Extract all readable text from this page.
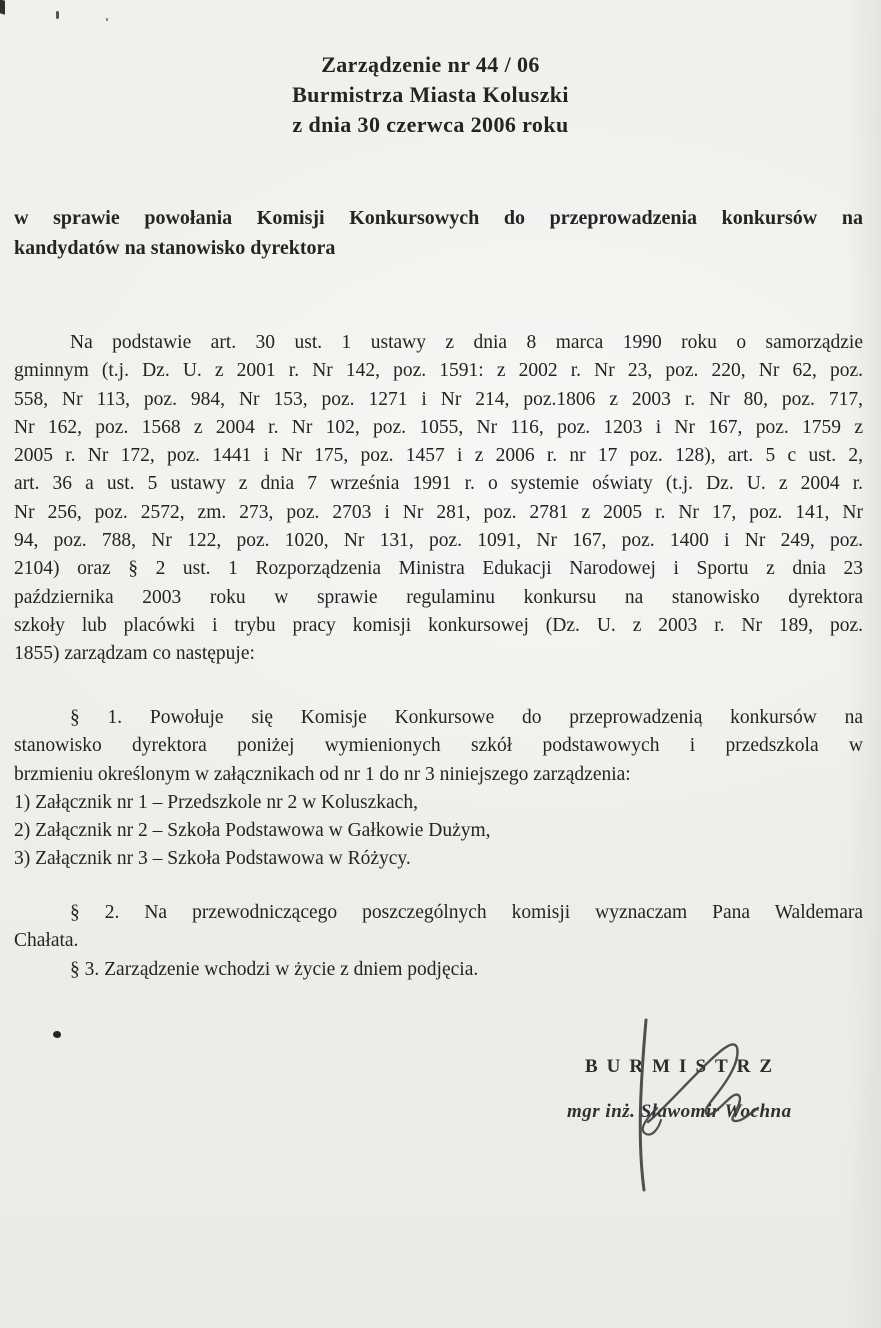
Zarządzenie nr 44 / 06
Burmistrza Miasta Koluszki
z dnia 30 czerwca 2006 roku
w sprawie powołania Komisji Konkursowych do przeprowadzenia konkursów na
kandydatów na stanowisko dyrektora
Na podstawie art. 30 ust. 1 ustawy z dnia 8 marca 1990 roku o samorządzie
gminnym (t.j. Dz. U. z 2001 r. Nr 142, poz. 1591: z 2002 r. Nr 23, poz. 220, Nr 62, poz.
558, Nr 113, poz. 984, Nr 153, poz. 1271 i Nr 214, poz.1806 z 2003 r. Nr 80, poz. 717,
Nr 162, poz. 1568 z 2004 r. Nr 102, poz. 1055, Nr 116, poz. 1203 i Nr 167, poz. 1759 z
2005 r. Nr 172, poz. 1441 i Nr 175, poz. 1457 i z 2006 r. nr 17 poz. 128), art. 5 c ust. 2,
art. 36 a ust. 5 ustawy z dnia 7 września 1991 r. o systemie oświaty (t.j. Dz. U. z 2004 r.
Nr 256, poz. 2572, zm. 273, poz. 2703 i Nr 281, poz. 2781 z 2005 r. Nr 17, poz. 141, Nr
94, poz. 788, Nr 122, poz. 1020, Nr 131, poz. 1091, Nr 167, poz. 1400 i Nr 249, poz.
2104) oraz § 2 ust. 1 Rozporządzenia Ministra Edukacji Narodowej i Sportu z dnia 23
października 2003 roku w sprawie regulaminu konkursu na stanowisko dyrektora
szkoły lub placówki i trybu pracy komisji konkursowej (Dz. U. z 2003 r. Nr 189, poz.
1855) zarządzam co następuje:
§ 1. Powołuje się Komisje Konkursowe do przeprowadzenia konkursów na
stanowisko dyrektora poniżej wymienionych szkół podstawowych i przedszkola w
brzmieniu określonym w załącznikach od nr 1 do nr 3 niniejszego zarządzenia:
1) Załącznik nr 1 – Przedszkole nr 2 w Koluszkach,
2) Załącznik nr 2 – Szkoła Podstawowa w Gałkowie Dużym,
3) Załącznik nr 3 – Szkoła Podstawowa w Różycy.
§ 2. Na przewodniczącego poszczególnych komisji wyznaczam Pana Waldemara
Chałata.
§ 3. Zarządzenie wchodzi w życie z dniem podjęcia.
BURMISTRZ
mgr inż. Sławomir Wochna
